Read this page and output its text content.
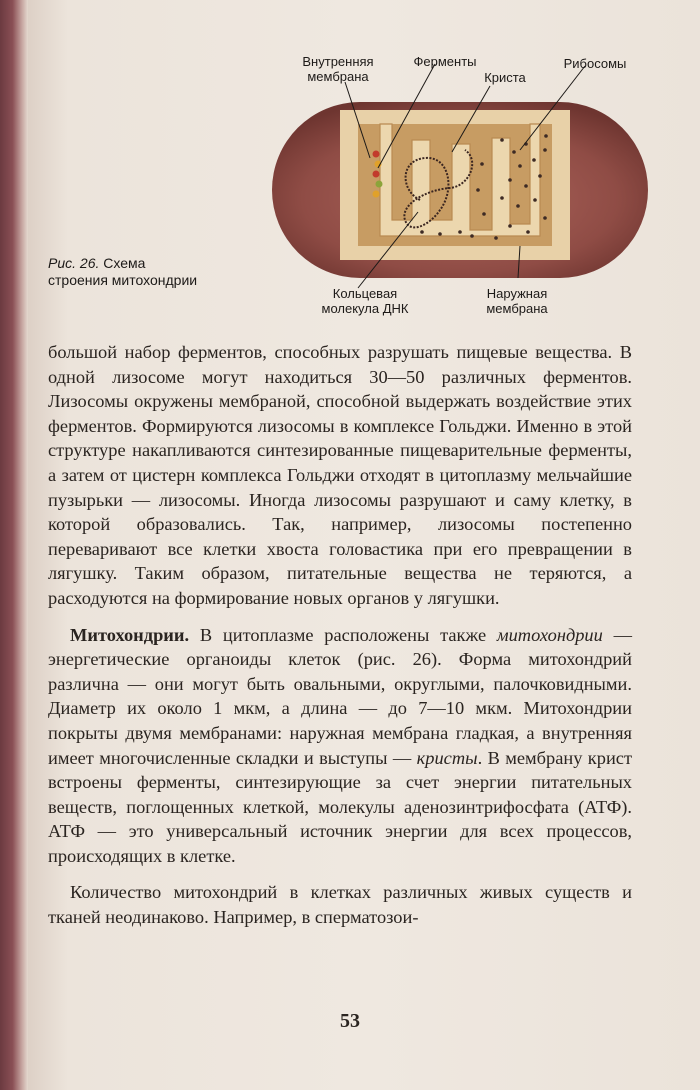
Внутренняя
мембрана
Ферменты
Криста
Рибосомы
Кольцевая
молекула ДНК
Наружная
мембрана
Рис. 26. Схема строения митохондрии

большой набор ферментов, способных разрушать пищевые вещества. В одной лизосоме могут находиться 30—50 различных ферментов. Лизосомы окружены мембраной, способной выдержать воздействие этих ферментов. Формируются лизосомы в комплексе Гольджи. Именно в этой структуре накапливаются синтезированные пищеварительные ферменты, а затем от цистерн комплекса Гольджи отходят в цитоплазму мельчайшие пузырьки — лизосомы. Иногда лизосомы разрушают и саму клетку, в которой образовались. Так, например, лизосомы постепенно переваривают все клетки хвоста головастика при его превращении в лягушку. Таким образом, питательные вещества не теряются, а расходуются на формирование новых органов у лягушки.

Митохондрии. В цитоплазме расположены также митохондрии — энергетические органоиды клеток (рис. 26). Форма митохондрий различна — они могут быть овальными, округлыми, палочковидными. Диаметр их около 1 мкм, а длина — до 7—10 мкм. Митохондрии покрыты двумя мембранами: наружная мембрана гладкая, а внутренняя имеет многочисленные складки и выступы — кристы. В мембрану крист встроены ферменты, синтезирующие за счет энергии питательных веществ, поглощенных клеткой, молекулы аденозинтрифосфата (АТФ). АТФ — это универсальный источник энергии для всех процессов, происходящих в клетке.

Количество митохондрий в клетках различных живых существ и тканей неодинаково. Например, в сперматозои-

53
